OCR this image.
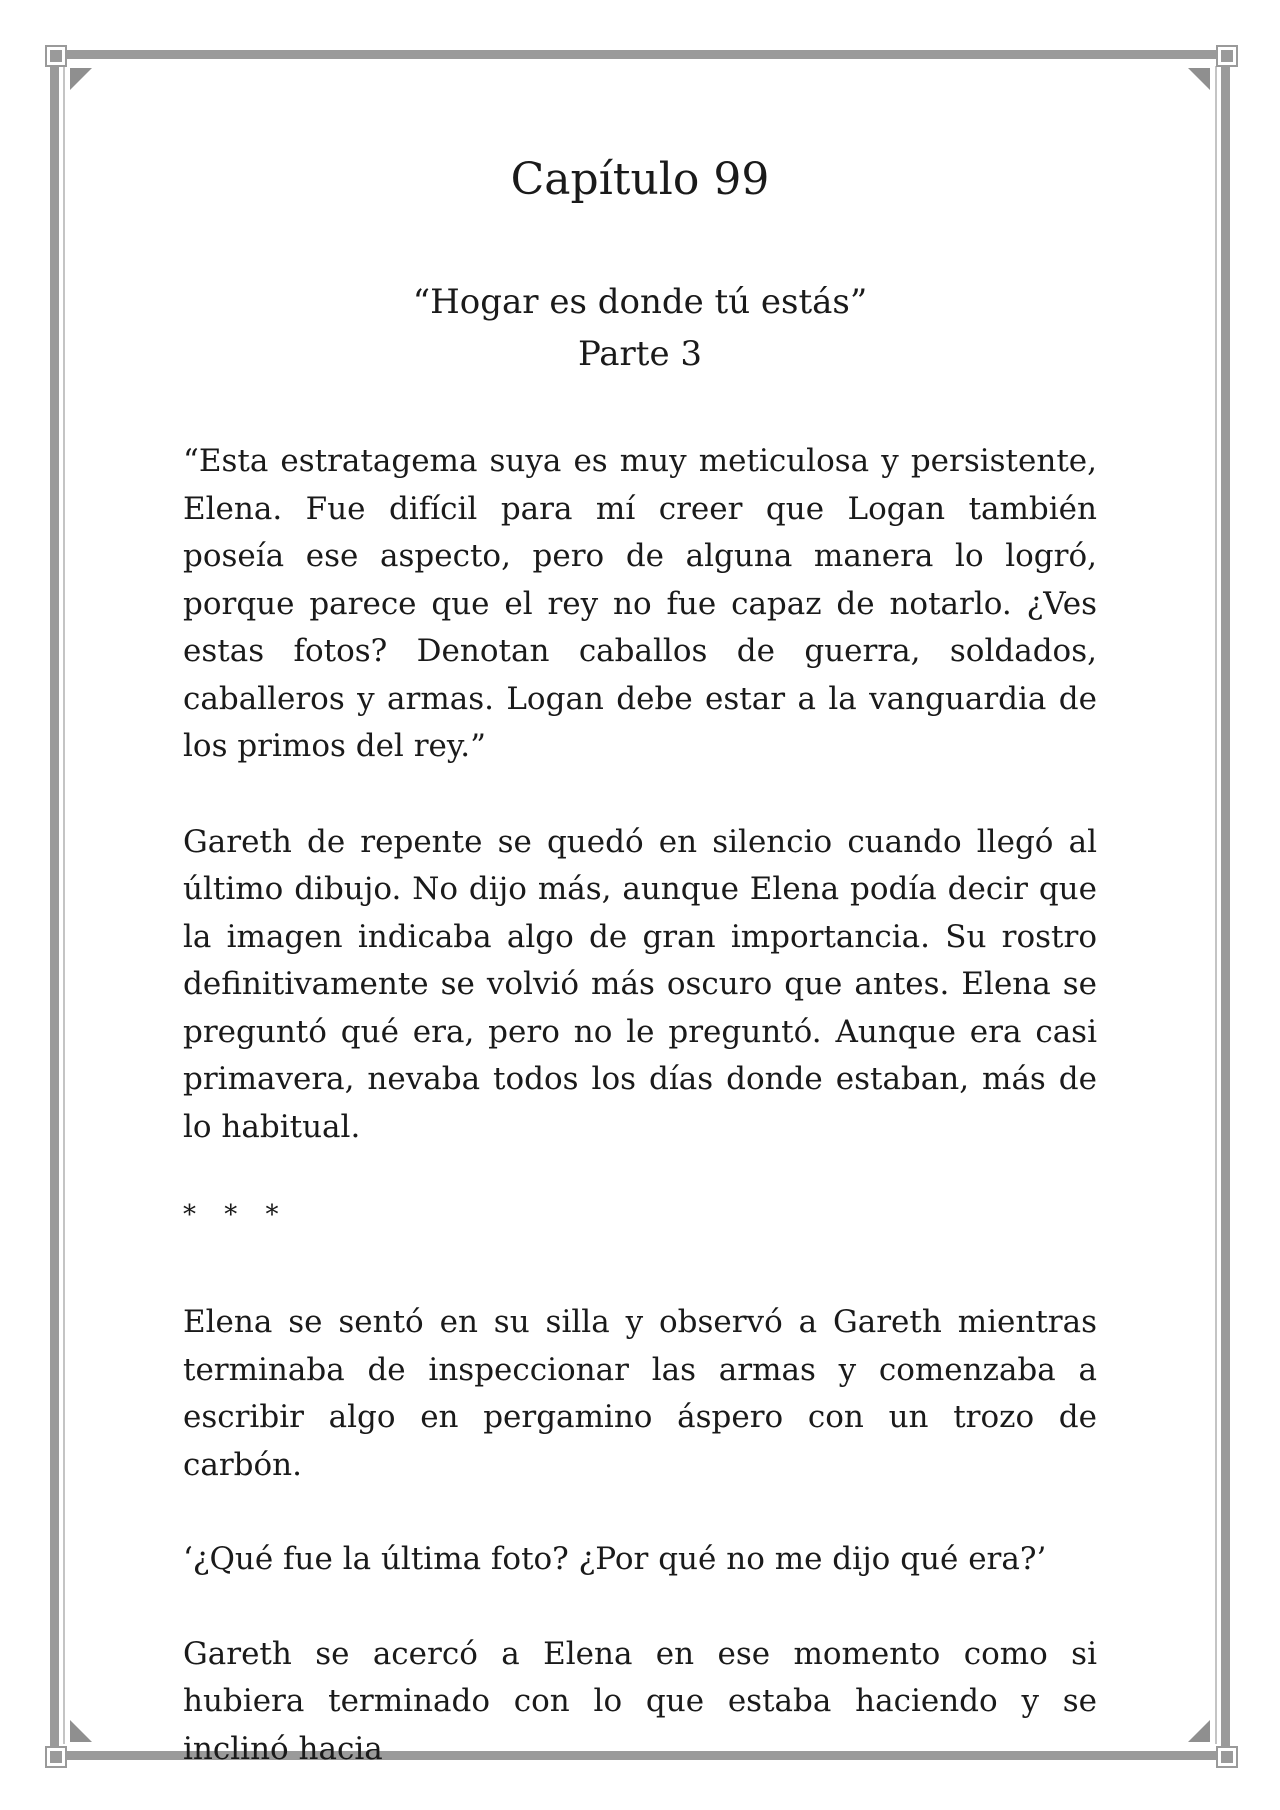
Capítulo 99

“Hogar es donde tú estás”

Parte 3

“Esta estratagema suya es muy meticulosa y persistente, Elena. Fue difícil para mí creer que Logan también poseía ese aspecto, pero de alguna manera lo logró, porque parece que el rey no fue capaz de notarlo. ¿Ves estas fotos? Denotan caballos de guerra, soldados, caballeros y armas. Logan debe estar a la vanguardia de los primos del rey.”

Gareth de repente se quedó en silencio cuando llegó al último dibujo. No dijo más, aunque Elena podía decir que la imagen indicaba algo de gran importancia. Su rostro definitivamente se volvió más oscuro que antes. Elena se preguntó qué era, pero no le preguntó. Aunque era casi primavera, nevaba todos los días donde estaban, más de lo habitual.

* * *

Elena se sentó en su silla y observó a Gareth mientras terminaba de inspeccionar las armas y comenzaba a escribir algo en pergamino áspero con un trozo de carbón.

‘¿Qué fue la última foto? ¿Por qué no me dijo qué era?’

Gareth se acercó a Elena en ese momento como si hubiera terminado con lo que estaba haciendo y se inclinó hacia
